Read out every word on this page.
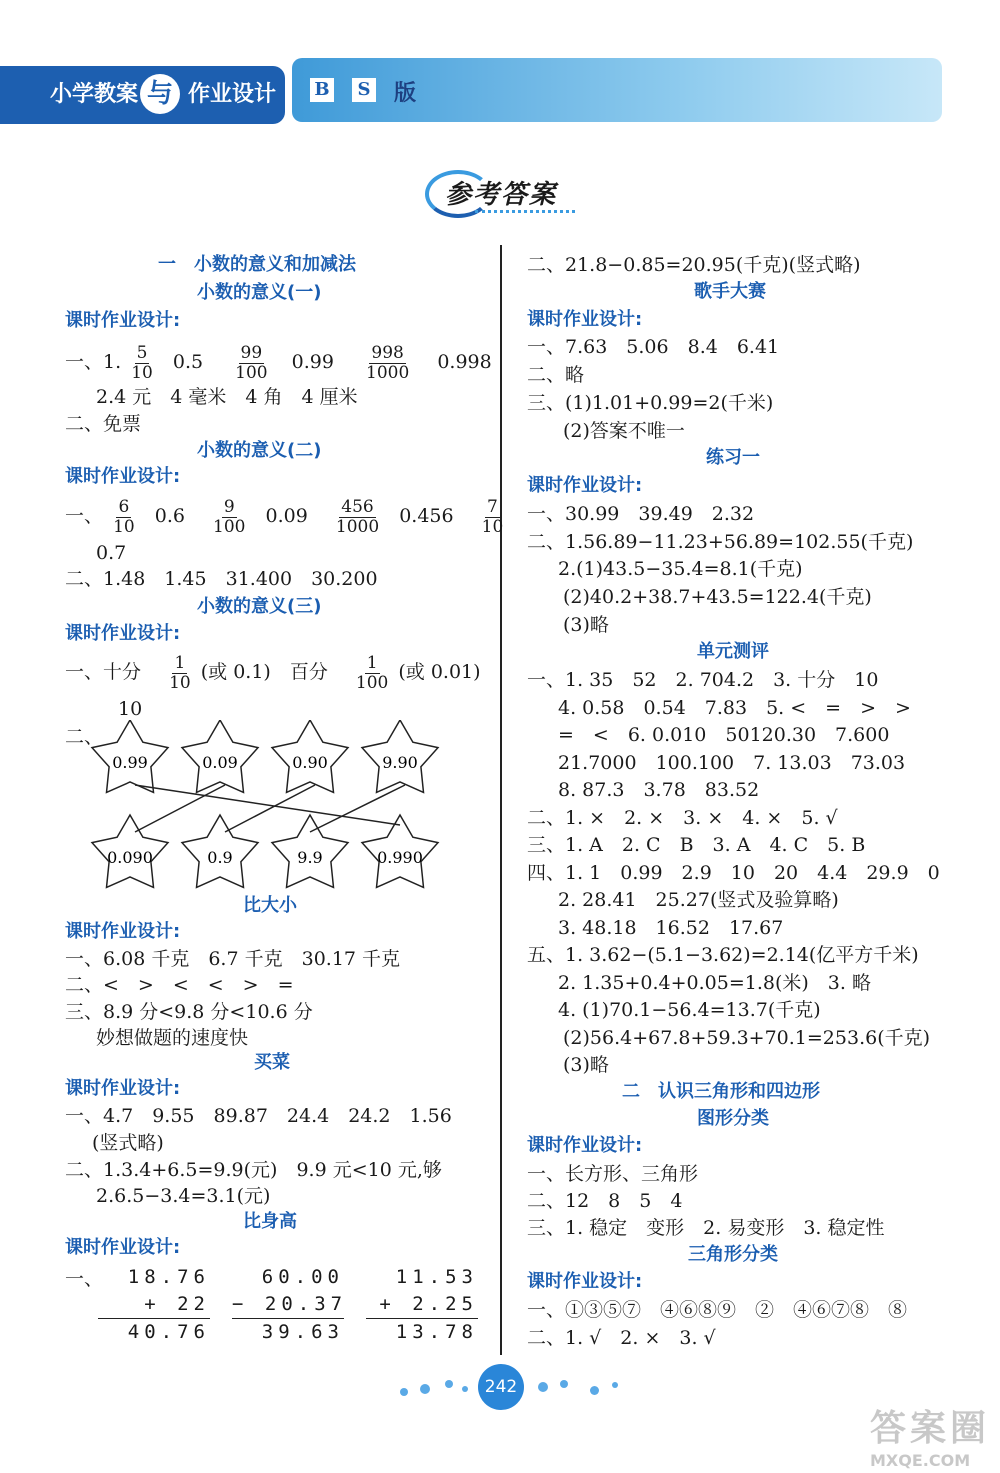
小学教案 与 作业设计 B	S 版
参考答案
一　小数的意义和加减法
小数的意义(一)
课时作业设计:
一、1. $\frac{5}{10} 0.5 \frac{99}{100} 0.99 \frac{998}{1000} 0.998$
2.4 元　4 毫米　4 角　4 厘米
二、免票
小数的意义(二)
课时作业设计:
一、 $\frac{6}{10} 0.6 \frac{9}{100} 0.09 \frac{456}{1000} 0.456 \frac{7}{10}$
0.7
二、1.48　1.45　31.400　30.200
小数的意义(三)
课时作业设计:
一、十分 $\frac{1}{10}$ (或 0.1)　百分 $\frac{1}{100}$ (或 0.01)
10
二、
0.99	0.09	0.90	9.90
0.090	0.9	9.9	0.990
比大小
课时作业设计:
一、6.08 千克　6.7 千克　30.17 千克
二、<　>　<　<　>　=
三、8.9 分<9.8 分<10.6 分
妙想做题的速度快
买菜
课时作业设计:
一、4.7　9.55　89.87　24.4　24.2　1.56
(竖式略)
二、1.3.4+6.5=9.9(元)　9.9 元<10 元,够
2.6.5−3.4=3.1(元)
比身高
课时作业设计:
一、	18.76
+ 22
40.76
60.00
− 20.37
39.63
11.53
+ 2.25
13.78
二、21.8−0.85=20.95(千克)(竖式略)
歌手大赛
课时作业设计:
一、7.63　5.06　8.4　6.41
二、略
三、(1)1.01+0.99=2(千米)
(2)答案不唯一
练习一
课时作业设计:
一、30.99　39.49　2.32
二、1.56.89−11.23+56.89=102.55(千克)
2.(1)43.5−35.4=8.1(千克)
(2)40.2+38.7+43.5=122.4(千克)
(3)略
单元测评
一、1. 35　52　2. 704.2　3. 十分　10
4. 0.58　0.54　7.83　5. <　=　>　>
=　<　6. 0.010　50120.30　7.600
21.7000　100.100　7. 13.03　73.03
8. 87.3　3.78　83.52
二、1. ×　2. ×　3. ×　4. ×　5. √
三、1. A　2. C　B　3. A　4. C　5. B
四、1. 1　0.99　2.9　10　20　4.4　29.9　0
2. 28.41　25.27(竖式及验算略)
3. 48.18　16.52　17.67
五、1. 3.62−(5.1−3.62)=2.14(亿平方千米)
2. 1.35+0.4+0.05=1.8(米)　3. 略
4. (1)70.1−56.4=13.7(千克)
(2)56.4+67.8+59.3+70.1=253.6(千克)
(3)略
二　认识三角形和四边形
图形分类
课时作业设计:
一、长方形、三角形
二、12　8　5　4
三、1. 稳定　变形　2. 易变形　3. 稳定性
三角形分类
课时作业设计:
一、①③⑤⑦　④⑥⑧⑨　②　④⑥⑦⑧　⑧
二、1. √　2. ×　3. √
242
答案圈
MXQE.COM
